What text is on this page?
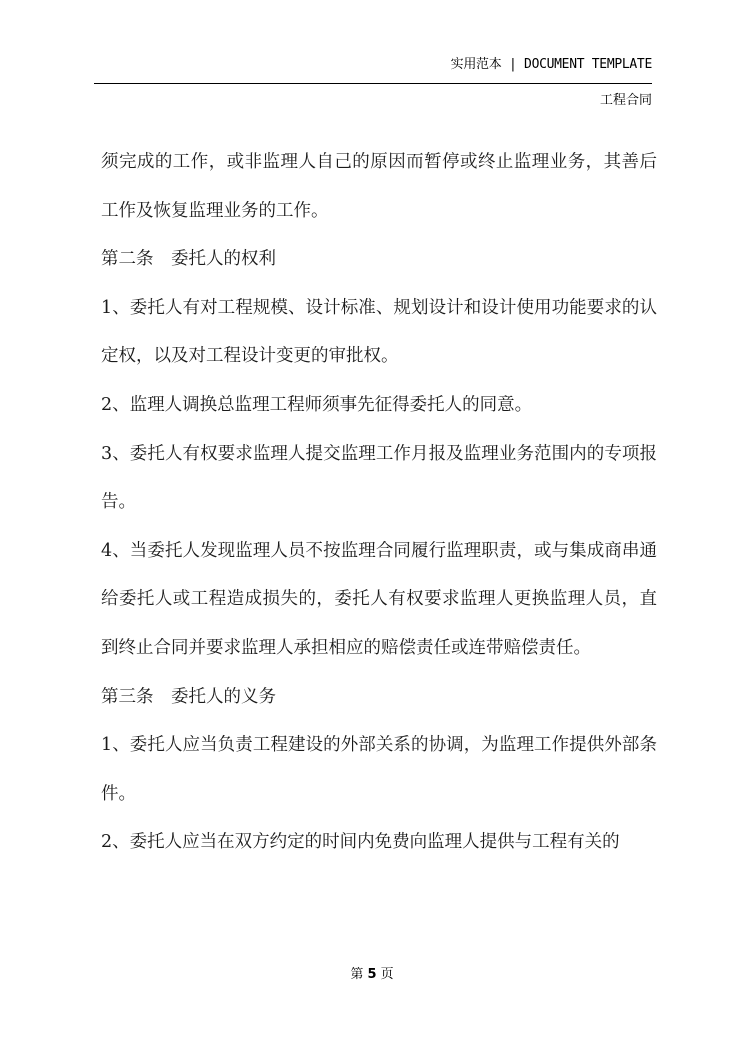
实用范本 | DOCUMENT TEMPLATE
工程合同

须完成的工作，或非监理人自己的原因而暂停或终止监理业务，其善后工作及恢复监理业务的工作。

第二条　委托人的权利

1、委托人有对工程规模、设计标准、规划设计和设计使用功能要求的认定权，以及对工程设计变更的审批权。

2、监理人调换总监理工程师须事先征得委托人的同意。

3、委托人有权要求监理人提交监理工作月报及监理业务范围内的专项报告。

4、当委托人发现监理人员不按监理合同履行监理职责，或与集成商串通给委托人或工程造成损失的，委托人有权要求监理人更换监理人员，直到终止合同并要求监理人承担相应的赔偿责任或连带赔偿责任。

第三条　委托人的义务

1、委托人应当负责工程建设的外部关系的协调，为监理工作提供外部条件。

2、委托人应当在双方约定的时间内免费向监理人提供与工程有关的

第 5 页
